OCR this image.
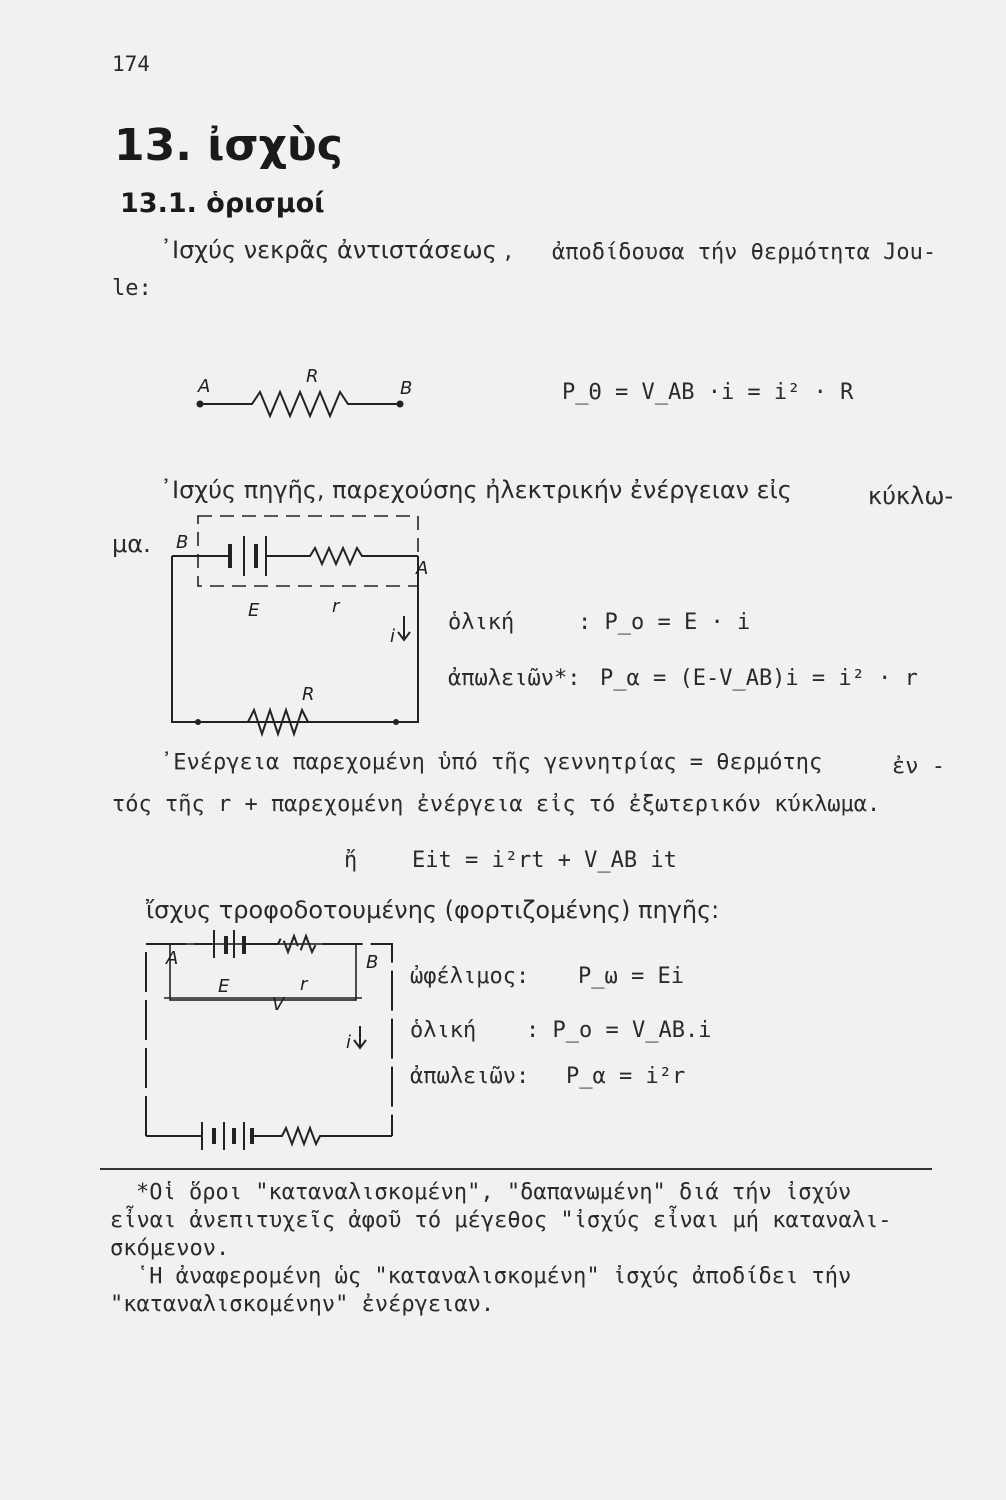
174
13. ἰσχὺς
13.1. ὁρισμοί
᾿Ισχύς νεκρᾶς ἀντιστάσεως , ἀποδίδουσα τήν θερμότητα Jou-
le:
A	R
B	P_Θ = V_AB ·i = i² · R
᾿Ισχύς πηγῆς, παρεχούσης ἠλεκτρικήν ἐνέργειαν εἰς	κύκλω-
μα. B
A
E	r
i
R
ὁλική	: P_o = E · i
ἀπωλειῶν*: P_α = (E-V_AB)i = i² · r
᾿Ενέργεια παρεχομένη ὑπό τῆς γεννητρίας = θερμότης	ἐν -
τός τῆς r + παρεχομένη ἐνέργεια εἰς τό ἐξωτερικόν κύκλωμα.
ἤ Eit = i²rt + V_AB it
ἴσχυς τροφοδοτουμένης (φορτιζομένης) πηγῆς:
A	B
E
V
r
i
ὠφέλιμος: P_ω = Ei
ὁλική : P_o = V_AB.i
ἀπωλειῶν: P_α = i²r
*Οἱ ὅροι "καταναλισκομένη", "δαπανωμένη" διά τήν ἰσχύν
εἶναι ἀνεπιτυχεῖς ἀφοῦ τό μέγεθος "ἰσχύς εἶναι μή καταναλι-
σκόμενον.
῾Η ἀναφερομένη ὡς "καταναλισκομένη" ἰσχύς ἀποδίδει τήν
"καταναλισκομένην" ἐνέργειαν.
